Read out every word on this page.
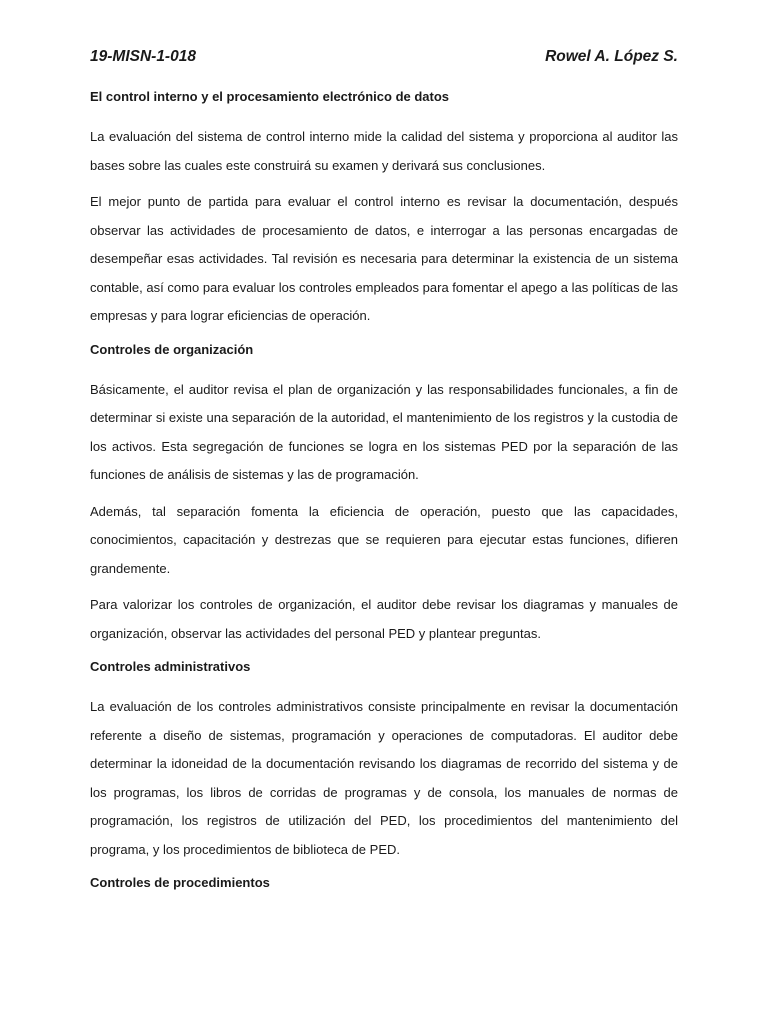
19-MISN-1-018	Rowel A. López S.
El control interno y el procesamiento electrónico de datos

La evaluación del sistema de control interno mide la calidad del sistema y proporciona al auditor las bases sobre las cuales este construirá su examen y derivará sus conclusiones.

El mejor punto de partida para evaluar el control interno es revisar la documentación, después observar las actividades de procesamiento de datos, e interrogar a las personas encargadas de desempeñar esas actividades. Tal revisión es necesaria para determinar la existencia de un sistema contable, así como para evaluar los controles empleados para fomentar el apego a las políticas de las empresas y para lograr eficiencias de operación.

Controles de organización

Básicamente, el auditor revisa el plan de organización y las responsabilidades funcionales, a fin de determinar si existe una separación de la autoridad, el mantenimiento de los registros y la custodia de los activos. Esta segregación de funciones se logra en los sistemas PED por la separación de las funciones de análisis de sistemas y las de programación.

Además, tal separación fomenta la eficiencia de operación, puesto que las capacidades, conocimientos, capacitación y destrezas que se requieren para ejecutar estas funciones, difieren grandemente.

Para valorizar los controles de organización, el auditor debe revisar los diagramas y manuales de organización, observar las actividades del personal PED y plantear preguntas.

Controles administrativos

La evaluación de los controles administrativos consiste principalmente en revisar la documentación referente a diseño de sistemas, programación y operaciones de computadoras. El auditor debe determinar la idoneidad de la documentación revisando los diagramas de recorrido del sistema y de los programas, los libros de corridas de programas y de consola, los manuales de normas de programación, los registros de utilización del PED, los procedimientos del mantenimiento del programa, y los procedimientos de biblioteca de PED.

Controles de procedimientos
